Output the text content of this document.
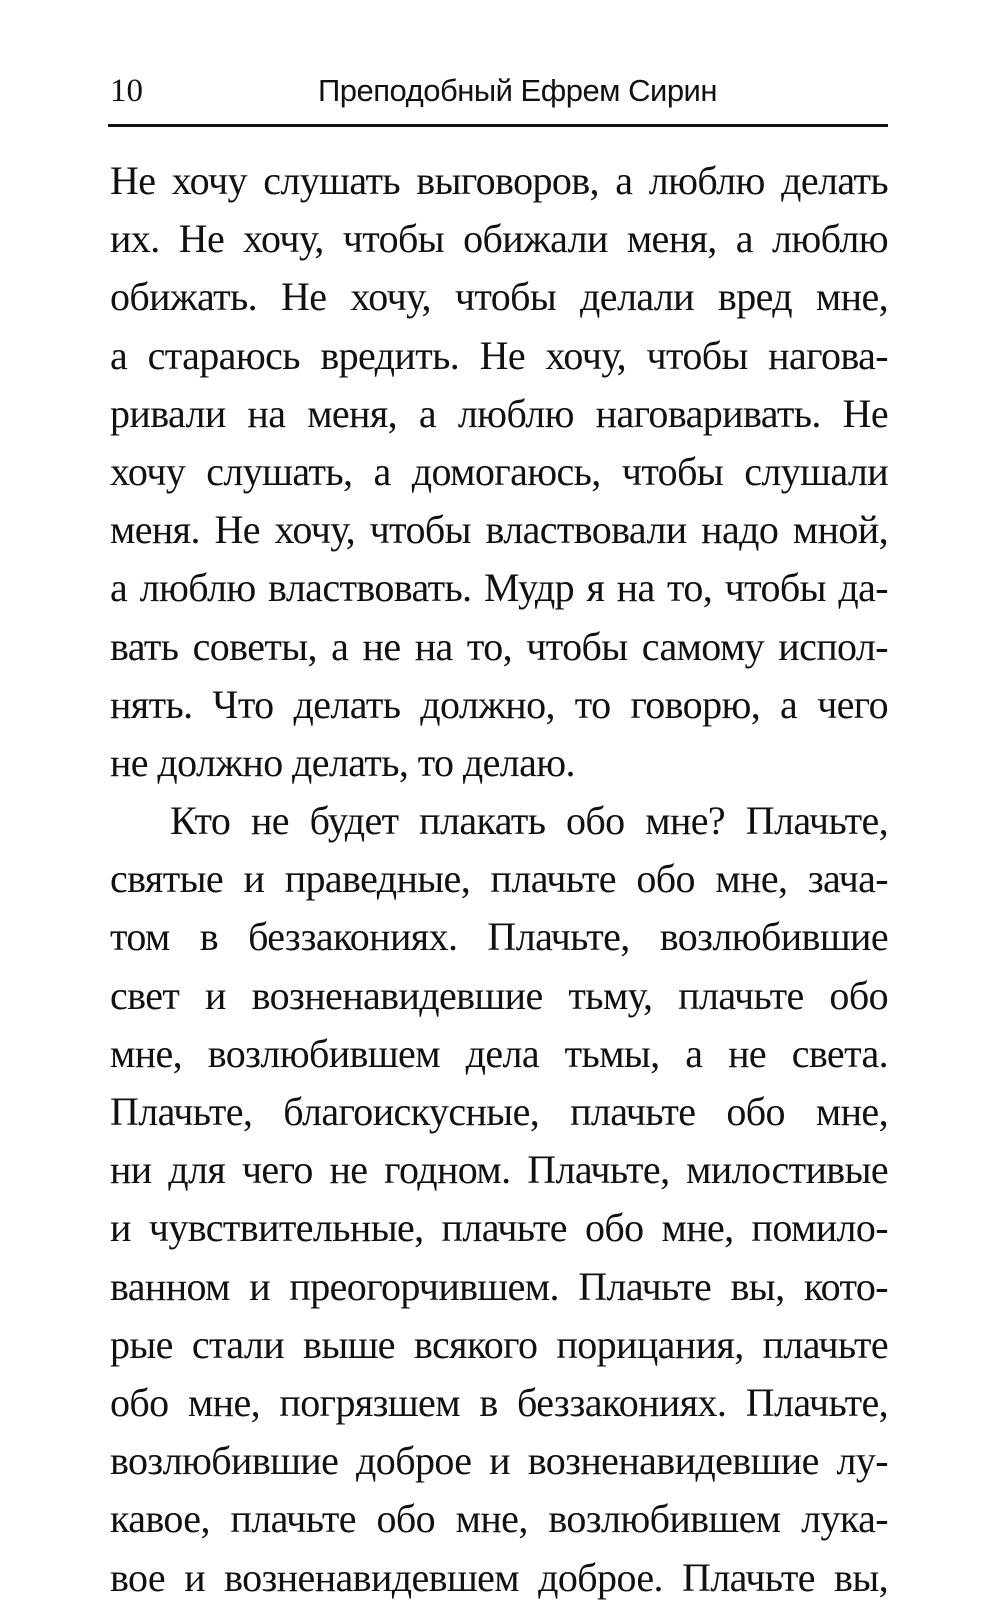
10	Преподобный Ефрем Сирин
Не хочу слушать выговоров, а люблю делать
их. Не хочу, чтобы обижали меня, а люблю
обижать. Не хочу, чтобы делали вред мне,
а стараюсь вредить. Не хочу, чтобы нагова-
ривали на меня, а люблю наговаривать. Не
хочу слушать, а домогаюсь, чтобы слушали
меня. Не хочу, чтобы властвовали надо мной,
а люблю властвовать. Мудр я на то, чтобы да-
вать советы, а не на то, чтобы самому испол-
нять. Что делать должно, то говорю, а чего
не должно делать, то делаю.
Кто не будет плакать обо мне? Плачьте,
святые и праведные, плачьте обо мне, зача-
том в беззакониях. Плачьте, возлюбившие
свет и возненавидевшие тьму, плачьте обо
мне, возлюбившем дела тьмы, а не света.
Плачьте, благоискусные, плачьте обо мне,
ни для чего не годном. Плачьте, милостивые
и чувствительные, плачьте обо мне, помило-
ванном и преогорчившем. Плачьте вы, кото-
рые стали выше всякого порицания, плачьте
обо мне, погрязшем в беззакониях. Плачьте,
возлюбившие доброе и возненавидевшие лу-
кавое, плачьте обо мне, возлюбившем лука-
вое и возненавидевшем доброе. Плачьте вы,
